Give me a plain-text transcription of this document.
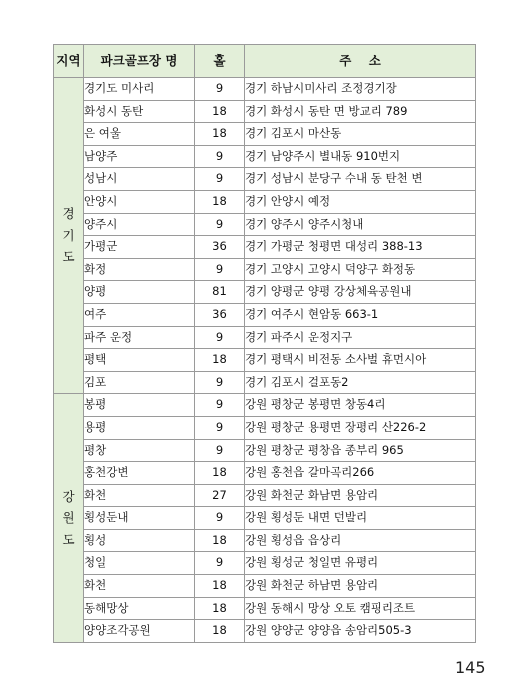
지역	파크골프장 명	홀	주    소

경
기
도	경기도 미사리	9	경기 하남시미사리 조정경기장
	화성시 동탄	18	경기 화성시 동탄 면 방교리 789
	은 여울	18	경기 김포시 마산동
	남양주	9	경기 남양주시 별내동 910번지
	성남시	9	경기 성남시 분당구 수내 동 탄천 변
	안양시	18	경기 안양시 예정
	양주시	9	경기 양주시 양주시청내
	가평군	36	경기 가평군 청평면 대성리 388-13
	화정	9	경기 고양시 고양시 덕양구 화정동
	양평	81	경기 양평군 양평 강상체육공원내
	여주	36	경기 여주시 현암동 663-1
	파주 운정	9	경기 파주시 운정지구
	평택	18	경기 평택시 비전동 소사벌 휴먼시아
	김포	9	경기 김포시 걸포동2

강
원
도	봉평	9	강원 평창군 봉평면 창동4리
	용평	9	강원 평창군 용평면 장평리 산226-2
	평창	9	강원 평창군 평창읍 종부리 965
	홍천강변	18	강원 홍천읍 갈마곡리266
	화천	27	강원 화천군 화남면 용암리
	횡성둔내	9	강원 횡성둔 내면 던발리
	횡성	18	강원 횡성읍 읍상리
	청일	9	강원 횡성군 청일면 유평리
	화천	18	강원 화천군 하남면 용암리
	동해망상	18	강원 동해시 망상 오토 캠핑리조트
	양양조각공원	18	강원 양양군 양양읍 송암리505-3
145
